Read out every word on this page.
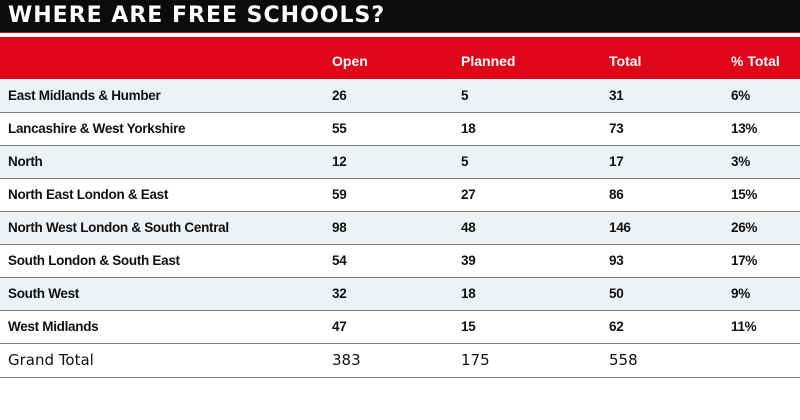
WHERE ARE FREE SCHOOLS?
	Open	Planned	Total	% Total
East Midlands & Humber	26	5	31	6%
Lancashire & West Yorkshire	55	18	73	13%
North	12	5	17	3%
North East London & East	59	27	86	15%
North West London & South Central	98	48	146	26%
South London & South East	54	39	93	17%
South West	32	18	50	9%
West Midlands	47	15	62	11%
Grand Total	383	175	558	
